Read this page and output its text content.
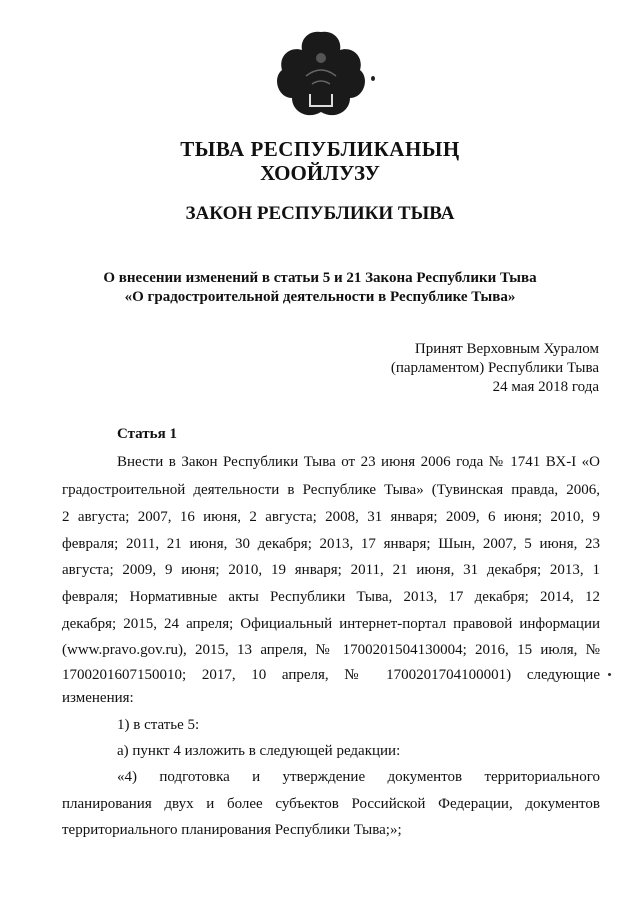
ТЫВА РЕСПУБЛИКАНЫҢ
ХООЙЛУЗУ
ЗАКОН РЕСПУБЛИКИ ТЫВА
О внесении изменений в статьи 5 и 21 Закона Республики Тыва
«О градостроительной деятельности в Республике Тыва»
Принят Верховным Хуралом
(парламентом) Республики Тыва
24 мая 2018 года
Статья 1
Внести в Закон Республики Тыва от 23 июня 2006 года № 1741 ВХ-I «О
градостроительной деятельности в Республике Тыва» (Тувинская правда, 2006,
2 августа; 2007, 16 июня, 2 августа; 2008, 31 января; 2009, 6 июня; 2010, 9
февраля; 2011, 21 июня, 30 декабря; 2013, 17 января; Шын, 2007, 5 июня, 23
августа; 2009, 9 июня; 2010, 19 января; 2011, 21 июня, 31 декабря; 2013, 1
февраля; Нормативные акты Республики Тыва, 2013, 17 декабря; 2014, 12
декабря; 2015, 24 апреля; Официальный интернет-портал правовой информации
(www.pravo.gov.ru), 2015, 13 апреля, № 1700201504130004; 2016, 15 июля, №
1700201607150010; 2017, 10 апреля, № 1700201704100001) следующие
изменения:
1) в статье 5:
а) пункт 4 изложить в следующей редакции:
«4) подготовка и утверждение документов территориального
планирования двух и более субъектов Российской Федерации, документов
территориального планирования Республики Тыва;»;
